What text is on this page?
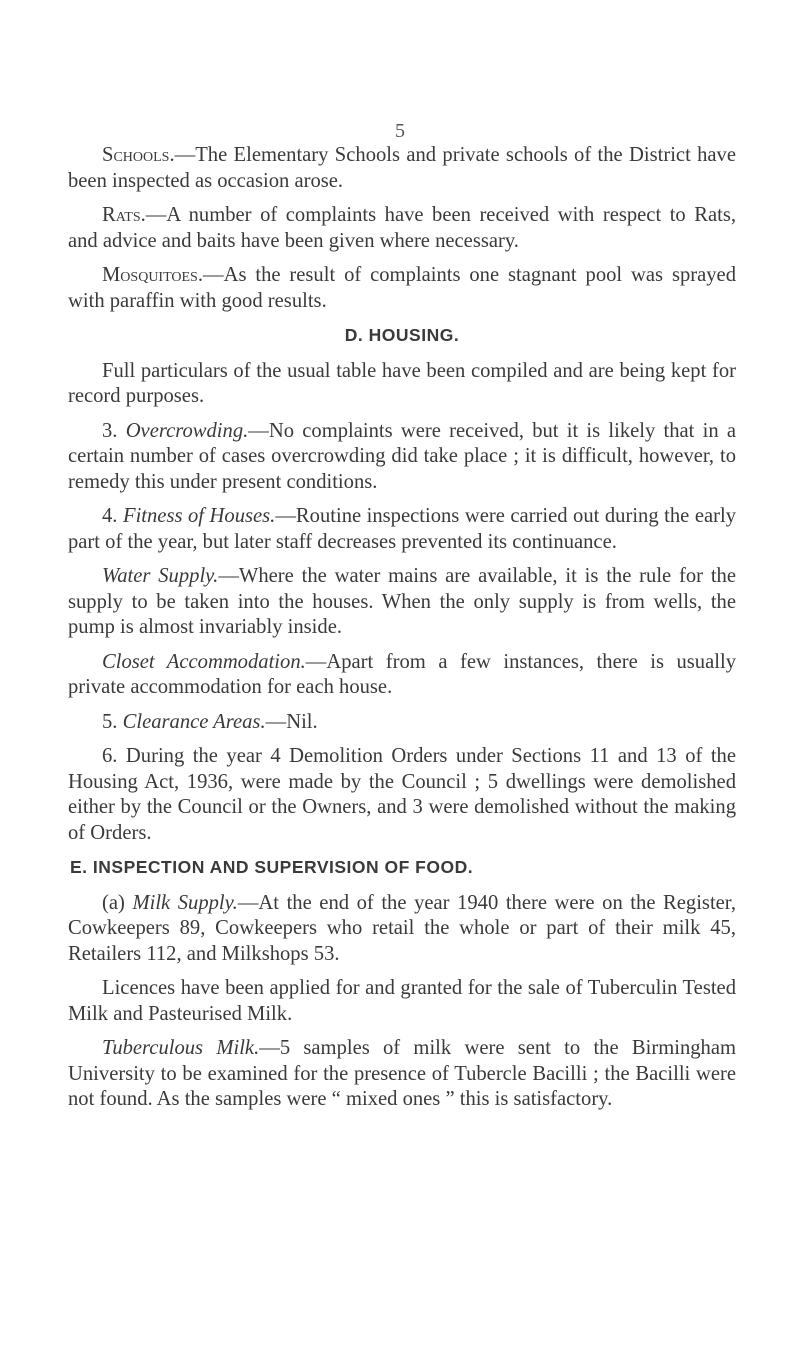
5

Schools.—The Elementary Schools and private schools of the District have been inspected as occasion arose.

Rats.—A number of complaints have been received with respect to Rats, and advice and baits have been given where necessary.

Mosquitoes.—As the result of complaints one stagnant pool was sprayed with paraffin with good results.

D. HOUSING.

Full particulars of the usual table have been compiled and are being kept for record purposes.

3. Overcrowding.—No complaints were received, but it is likely that in a certain number of cases overcrowding did take place ; it is difficult, however, to remedy this under present conditions.

4. Fitness of Houses.—Routine inspections were carried out during the early part of the year, but later staff decreases prevented its continuance.

Water Supply.—Where the water mains are available, it is the rule for the supply to be taken into the houses. When the only supply is from wells, the pump is almost invariably inside.

Closet Accommodation.—Apart from a few instances, there is usually private accommodation for each house.

5. Clearance Areas.—Nil.

6. During the year 4 Demolition Orders under Sections 11 and 13 of the Housing Act, 1936, were made by the Council ; 5 dwellings were demolished either by the Council or the Owners, and 3 were demolished without the making of Orders.

E. INSPECTION AND SUPERVISION OF FOOD.

(a) Milk Supply.—At the end of the year 1940 there were on the Register, Cowkeepers 89, Cowkeepers who retail the whole or part of their milk 45, Retailers 112, and Milkshops 53.

Licences have been applied for and granted for the sale of Tuberculin Tested Milk and Pasteurised Milk.

Tuberculous Milk.—5 samples of milk were sent to the Birmingham University to be examined for the presence of Tubercle Bacilli ; the Bacilli were not found. As the samples were “ mixed ones ” this is satisfactory.
